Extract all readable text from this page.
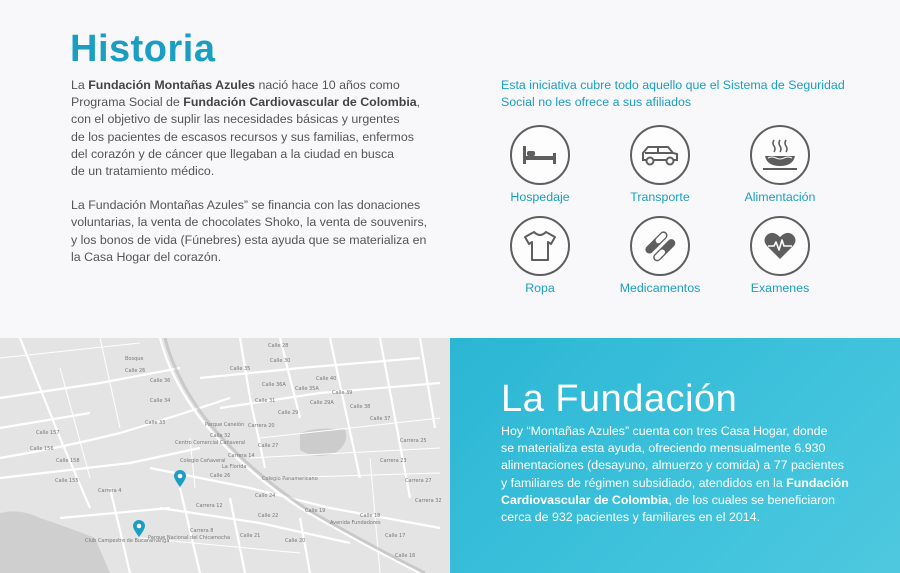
Historia

La Fundación Montañas Azules nació hace 10 años como
Programa Social de Fundación Cardiovascular de Colombia,
con el objetivo de suplir las necesidades básicas y urgentes
de los pacientes de escasos recursos y sus familias, enfermos
del corazón y de cáncer que llegaban a la ciudad en busca
de un tratamiento médico.

La Fundación Montañas Azules” se financia con las donaciones
voluntarias, la venta de chocolates Shoko, la venta de souvenirs,
y los bonos de vida (Fúnebres) esta ayuda que se materializa en
la Casa Hogar del corazón.

Esta iniciativa cubre todo aquello que el Sistema de Seguridad
Social no les ofrece a sus afiliados
Hospedaje	Transporte	Alimentación
Ropa	Medicamentos	Examenes
Calle 157
Calle 158
Calle 156
Calle 155
Calle 36
Calle 35
Calle 34
Calle 33
Calle 32
Calle 31
Calle 30
Calle 29
Calle 28
Calle 27
Calle 26
Calle 24
Calle 22
Calle 21
Calle 20
Calle 19
Calle 18
Calle 17
Calle 16
Calle 40
Calle 39
Calle 38
Calle 37
Calle 36A
Calle 35A
Calle 29A
Calle 26
Carrera 4
Carrera 8
Carrera 12
Carrera 14
Carrera 20
Carrera 23
Carrera 25
Carrera 27
Carrera 32
Parque Canelón
Centro Comercial Cañaveral
Colegio Cañaveral
La Florida
Colegio Panamericano
Club Campestre de Bucaramanga
Parque Nacional del Chicamocha
Avenida Fundadores
Bosque
La Fundación
Hoy “Montañas Azules” cuenta con tres Casa Hogar, donde
se materializa esta ayuda, ofreciendo mensualmente 6.930
alimentaciones (desayuno, almuerzo y comida) a 77 pacientes
y familiares de régimen subsidiado, atendidos en la Fundación
Cardiovascular de Colombia, de los cuales se beneficiaron
cerca de 932 pacientes y familiares en el 2014.
